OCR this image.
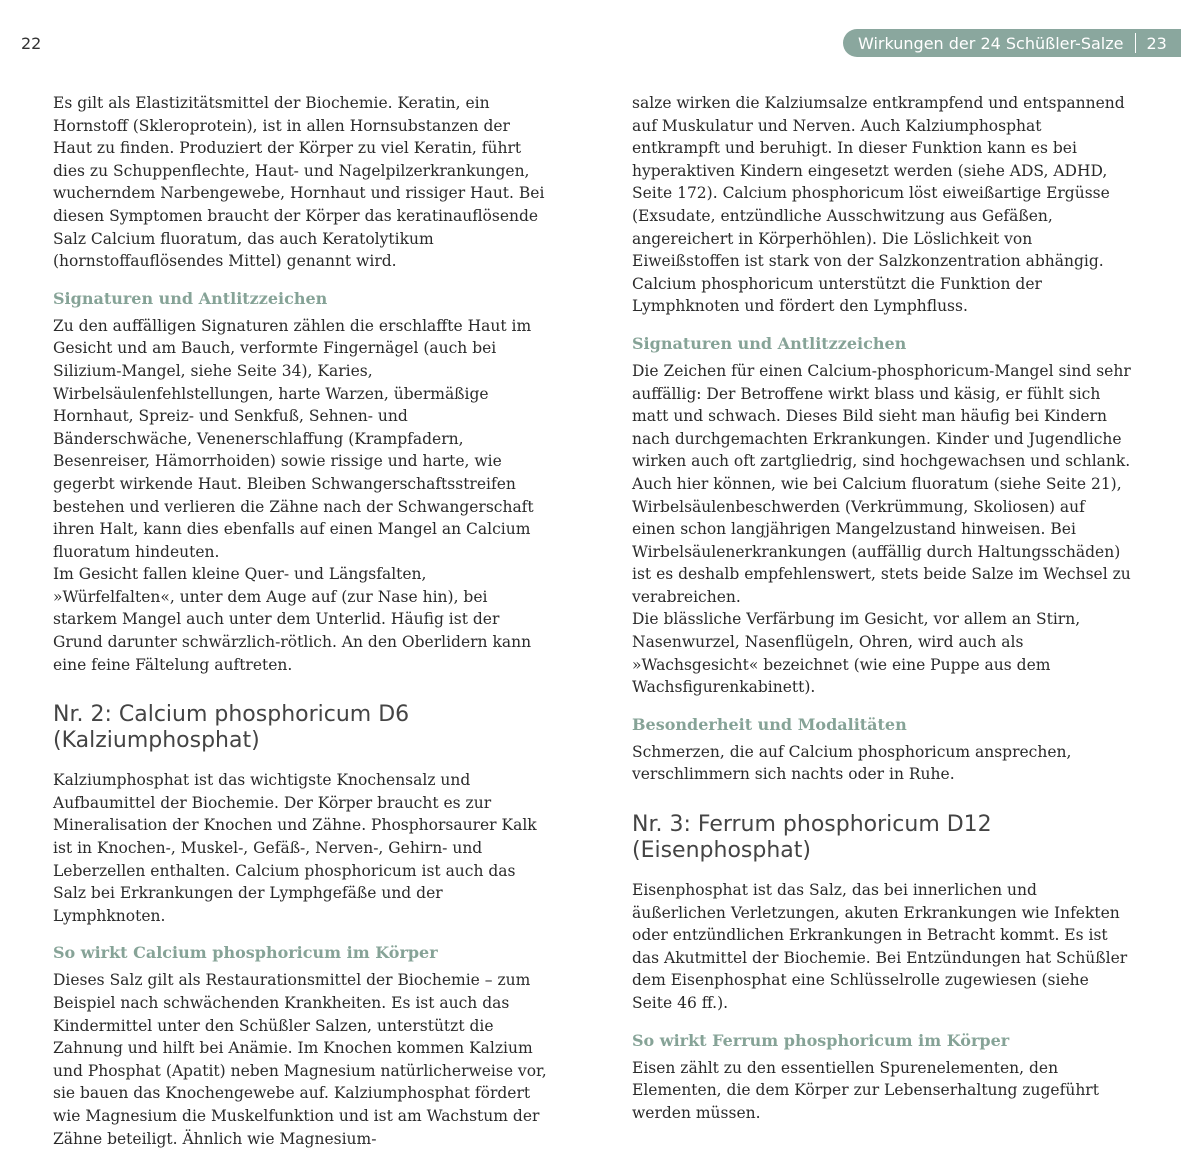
22	Wirkungen der 24 Schüßler-Salze 23

Es gilt als Elastizitätsmittel der Biochemie. Keratin, ein Hornstoff (Skleroprotein), ist in allen Hornsubstanzen der Haut zu finden. Produziert der Körper zu viel Keratin, führt dies zu Schuppenflechte, Haut- und Nagelpilzerkrankungen, wucherndem Narbengewebe, Hornhaut und rissiger Haut. Bei diesen Symptomen braucht der Körper das keratinauflösende Salz Calcium fluoratum, das auch Keratolytikum (hornstoffauflösendes Mittel) genannt wird.

Signaturen und Antlitzzeichen

Zu den auffälligen Signaturen zählen die erschlaffte Haut im Gesicht und am Bauch, verformte Fingernägel (auch bei Silizium-Mangel, siehe Seite 34), Karies, Wirbelsäulenfehlstellungen, harte Warzen, übermäßige Hornhaut, Spreiz- und Senkfuß, Sehnen- und Bänderschwäche, Venenerschlaffung (Krampfadern, Besenreiser, Hämorrhoiden) sowie rissige und harte, wie gegerbt wirkende Haut. Bleiben Schwangerschaftsstreifen bestehen und verlieren die Zähne nach der Schwangerschaft ihren Halt, kann dies ebenfalls auf einen Mangel an Calcium fluoratum hindeuten.

Im Gesicht fallen kleine Quer- und Längsfalten, »Würfelfalten«, unter dem Auge auf (zur Nase hin), bei starkem Mangel auch unter dem Unterlid. Häufig ist der Grund darunter schwärzlich-rötlich. An den Oberlidern kann eine feine Fältelung auftreten.

Nr. 2: Calcium phosphoricum D6
(Kalziumphosphat)

Kalziumphosphat ist das wichtigste Knochensalz und Aufbaumittel der Biochemie. Der Körper braucht es zur Mineralisation der Knochen und Zähne. Phosphorsaurer Kalk ist in Knochen-, Muskel-, Gefäß-, Nerven-, Gehirn- und Leberzellen enthalten. Calcium phosphoricum ist auch das Salz bei Erkrankungen der Lymphgefäße und der Lymphknoten.

So wirkt Calcium phosphoricum im Körper

Dieses Salz gilt als Restaurationsmittel der Biochemie – zum Beispiel nach schwächenden Krankheiten. Es ist auch das Kindermittel unter den Schüßler Salzen, unterstützt die Zahnung und hilft bei Anämie. Im Knochen kommen Kalzium und Phosphat (Apatit) neben Magnesium natürlicherweise vor, sie bauen das Knochengewebe auf. Kalziumphosphat fördert wie Magnesium die Muskelfunktion und ist am Wachstum der Zähne beteiligt. Ähnlich wie Magnesium-

salze wirken die Kalziumsalze entkrampfend und entspannend auf Muskulatur und Nerven. Auch Kalziumphosphat entkrampft und beruhigt. In dieser Funktion kann es bei hyperaktiven Kindern eingesetzt werden (siehe ADS, ADHD, Seite 172). Calcium phosphoricum löst eiweißartige Ergüsse (Exsudate, entzündliche Ausschwitzung aus Gefäßen, angereichert in Körperhöhlen). Die Löslichkeit von Eiweißstoffen ist stark von der Salzkonzentration abhängig. Calcium phosphoricum unterstützt die Funktion der Lymphknoten und fördert den Lymphfluss.

Signaturen und Antlitzzeichen

Die Zeichen für einen Calcium-phosphoricum-Mangel sind sehr auffällig: Der Betroffene wirkt blass und käsig, er fühlt sich matt und schwach. Dieses Bild sieht man häufig bei Kindern nach durchgemachten Erkrankungen. Kinder und Jugendliche wirken auch oft zartgliedrig, sind hochgewachsen und schlank. Auch hier können, wie bei Calcium fluoratum (siehe Seite 21), Wirbelsäulenbeschwerden (Verkrümmung, Skoliosen) auf einen schon langjährigen Mangelzustand hinweisen. Bei Wirbelsäulenerkrankungen (auffällig durch Haltungsschäden) ist es deshalb empfehlenswert, stets beide Salze im Wechsel zu verabreichen.

Die blässliche Verfärbung im Gesicht, vor allem an Stirn, Nasenwurzel, Nasenflügeln, Ohren, wird auch als »Wachsgesicht« bezeichnet (wie eine Puppe aus dem Wachsfigurenkabinett).

Besonderheit und Modalitäten

Schmerzen, die auf Calcium phosphoricum ansprechen, verschlimmern sich nachts oder in Ruhe.

Nr. 3: Ferrum phosphoricum D12
(Eisenphosphat)

Eisenphosphat ist das Salz, das bei innerlichen und äußerlichen Verletzungen, akuten Erkrankungen wie Infekten oder entzündlichen Erkrankungen in Betracht kommt. Es ist das Akutmittel der Biochemie. Bei Entzündungen hat Schüßler dem Eisenphosphat eine Schlüsselrolle zugewiesen (siehe Seite 46 ff.).

So wirkt Ferrum phosphoricum im Körper

Eisen zählt zu den essentiellen Spurenelementen, den Elementen, die dem Körper zur Lebenserhaltung zugeführt werden müssen.
